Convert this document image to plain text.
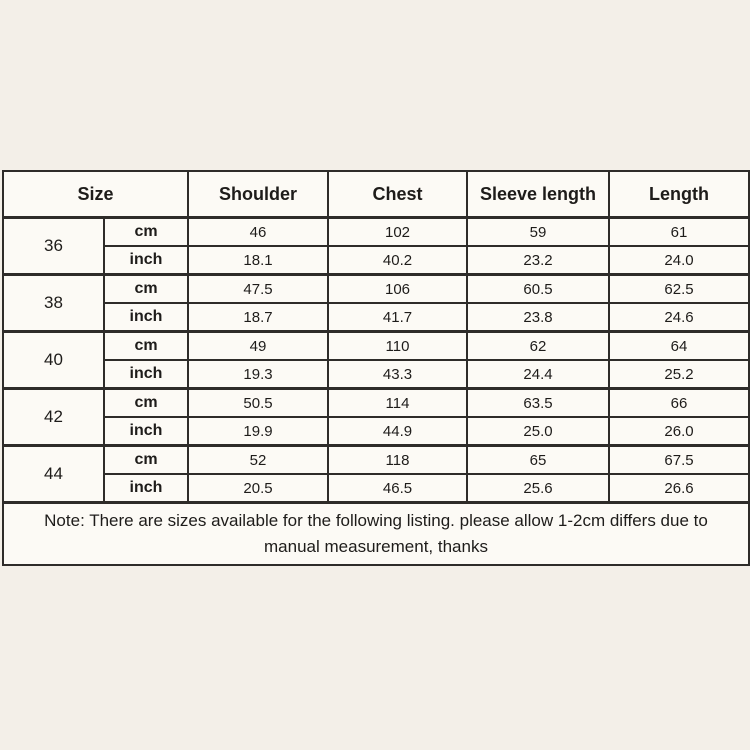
Size		Shoulder	Chest	Sleeve length	Length
36	cm	46	102	59	61
	inch	18.1	40.2	23.2	24.0
38	cm	47.5	106	60.5	62.5
	inch	18.7	41.7	23.8	24.6
40	cm	49	110	62	64
	inch	19.3	43.3	24.4	25.2
42	cm	50.5	114	63.5	66
	inch	19.9	44.9	25.0	26.0
44	cm	52	118	65	67.5
	inch	20.5	46.5	25.6	26.6
Note: There are sizes available for the following listing. please allow 1-2cm differs due to manual measurement, thanks					
